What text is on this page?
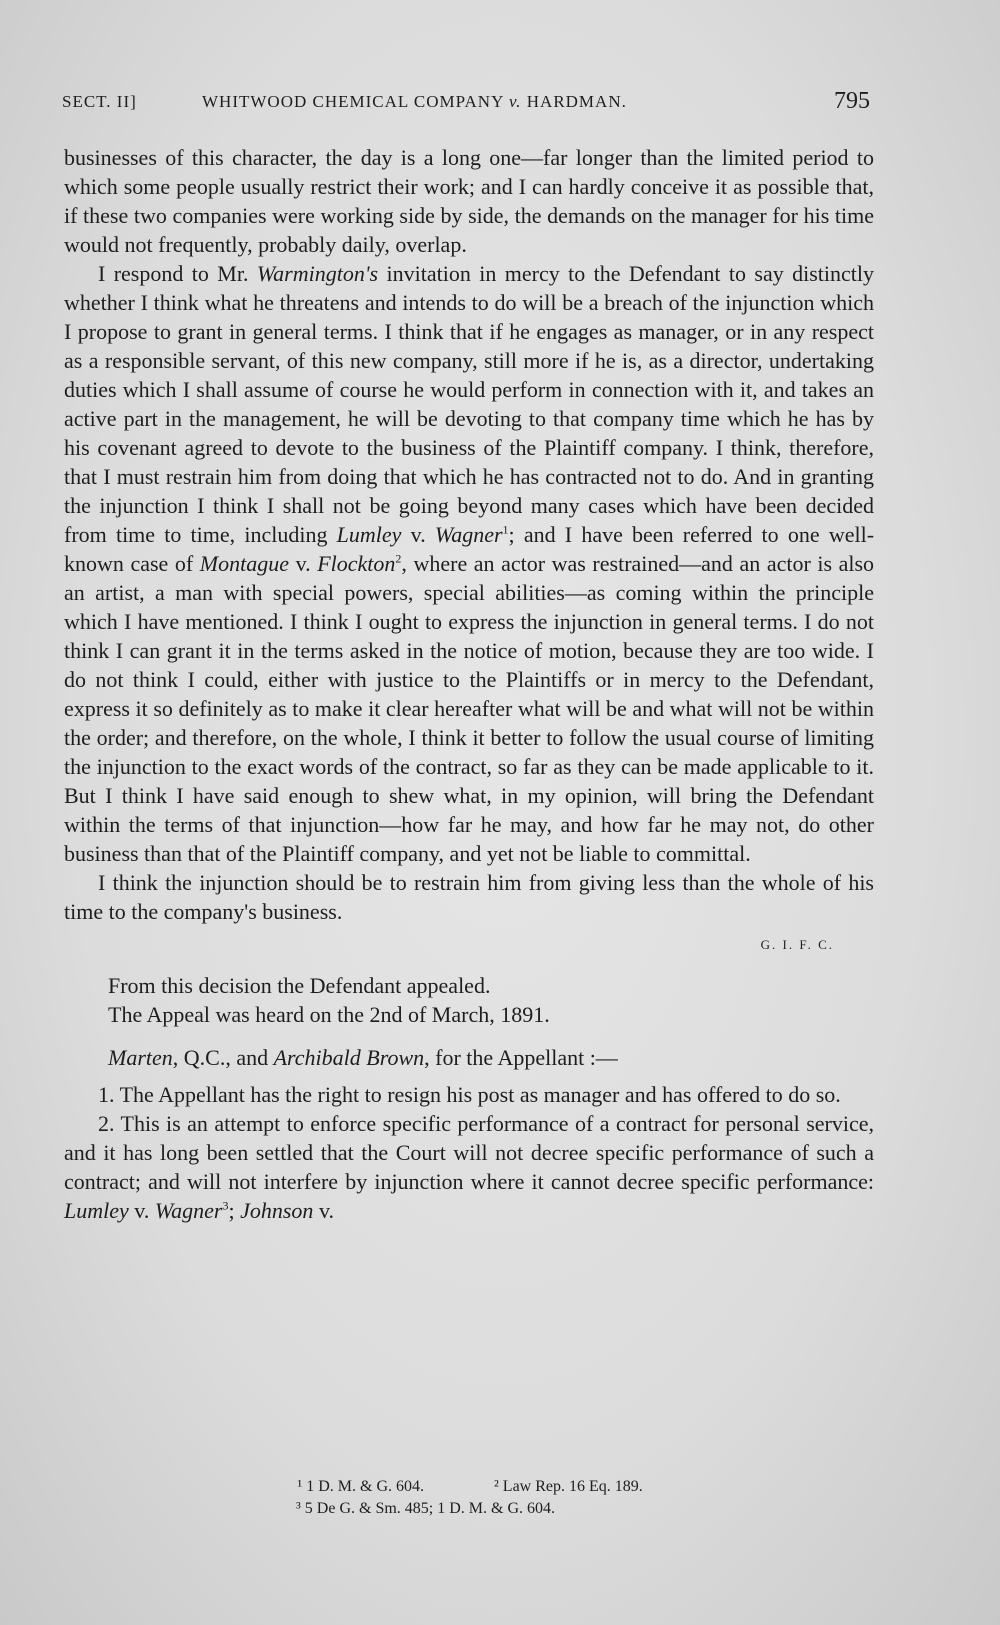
SECT. II]	WHITWOOD CHEMICAL COMPANY v. HARDMAN.	795

businesses of this character, the day is a long one—far longer than the limited period to which some people usually restrict their work; and I can hardly conceive it as possible that, if these two companies were working side by side, the demands on the manager for his time would not frequently, probably daily, overlap.

I respond to Mr. Warmington's invitation in mercy to the Defendant to say distinctly whether I think what he threatens and intends to do will be a breach of the injunction which I propose to grant in general terms. I think that if he engages as manager, or in any respect as a responsible servant, of this new company, still more if he is, as a director, undertaking duties which I shall assume of course he would perform in connection with it, and takes an active part in the management, he will be devoting to that company time which he has by his covenant agreed to devote to the business of the Plaintiff company. I think, therefore, that I must restrain him from doing that which he has contracted not to do. And in granting the injunction I think I shall not be going beyond many cases which have been decided from time to time, including Lumley v. Wagner$^1$; and I have been referred to one well-known case of Montague v. Flockton$^2$, where an actor was restrained—and an actor is also an artist, a man with special powers, special abilities—as coming within the principle which I have mentioned. I think I ought to express the injunction in general terms. I do not think I can grant it in the terms asked in the notice of motion, because they are too wide. I do not think I could, either with justice to the Plaintiffs or in mercy to the Defendant, express it so definitely as to make it clear hereafter what will be and what will not be within the order; and therefore, on the whole, I think it better to follow the usual course of limiting the injunction to the exact words of the contract, so far as they can be made applicable to it. But I think I have said enough to shew what, in my opinion, will bring the Defendant within the terms of that injunction—how far he may, and how far he may not, do other business than that of the Plaintiff company, and yet not be liable to committal.

I think the injunction should be to restrain him from giving less than the whole of his time to the company's business.

G. I. F. C.

From this decision the Defendant appealed.

The Appeal was heard on the 2nd of March, 1891.

Marten, Q.C., and Archibald Brown, for the Appellant :—

1. The Appellant has the right to resign his post as manager and has offered to do so.

2. This is an attempt to enforce specific performance of a contract for personal service, and it has long been settled that the Court will not decree specific performance of such a contract; and will not interfere by injunction where it cannot decree specific performance: Lumley v. Wagner$^3$; Johnson v.

¹ 1 D. M. & G. 604.	² Law Rep. 16 Eq. 189.
³ 5 De G. & Sm. 485; 1 D. M. & G. 604.
